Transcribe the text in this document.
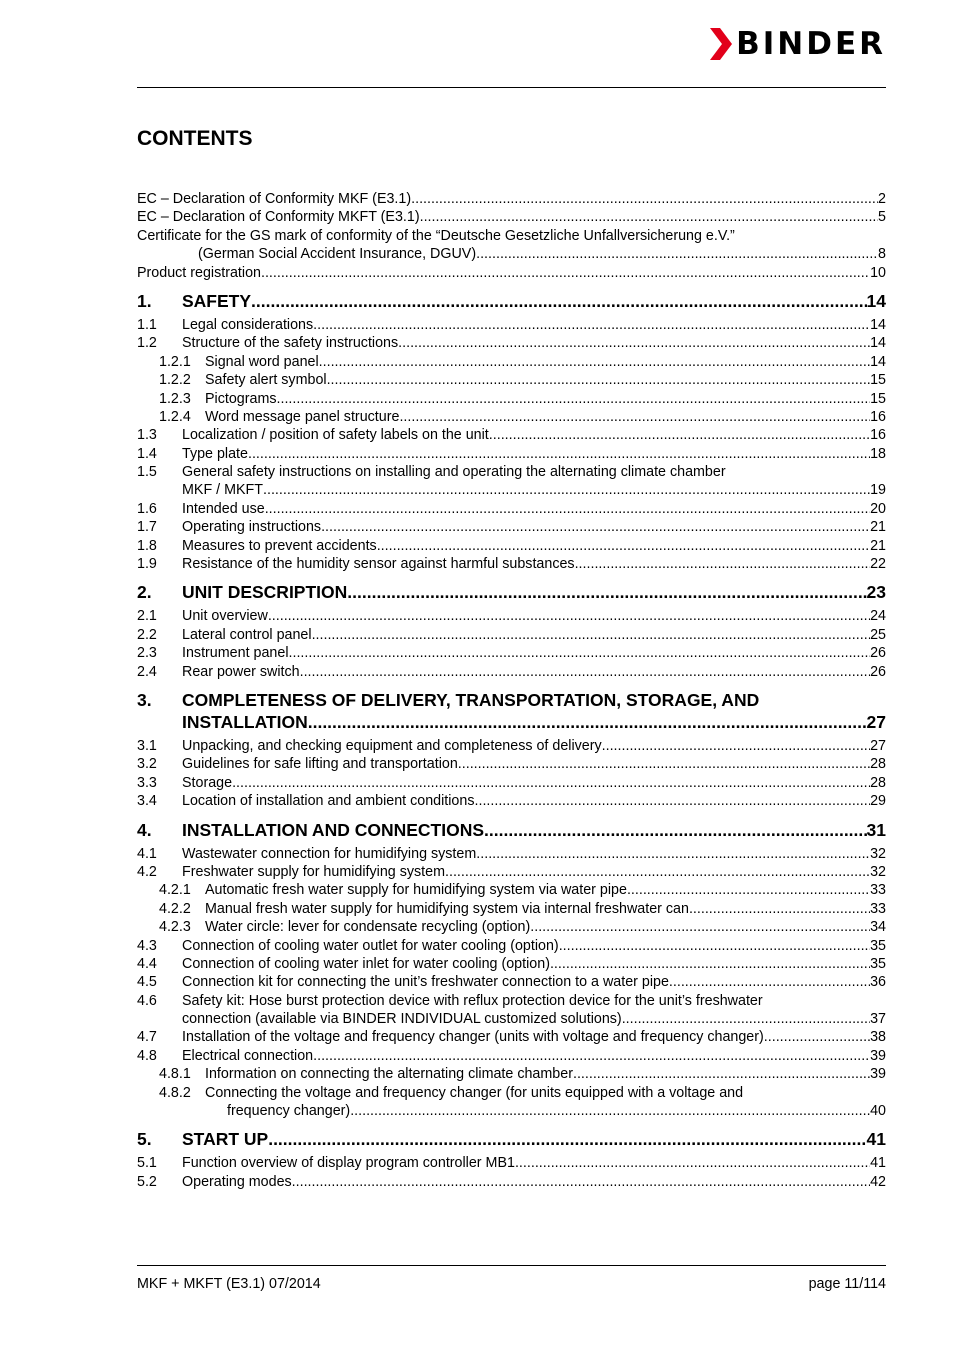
BINDER
CONTENTS
EC – Declaration of Conformity MKF (E3.1) .....	2
EC – Declaration of Conformity MKFT (E3.1) .....	5
Certificate for the GS mark of conformity of the “Deutsche Gesetzliche Unfallversicherung e.V.”
(German Social Accident Insurance, DGUV) .....	8
Product registration .....	10
1.	SAFETY .....	14
1.1	Legal considerations .....	14
1.2	Structure of the safety instructions .....	14
1.2.1 Signal word panel .....	14
1.2.2 Safety alert symbol .....	15
1.2.3 Pictograms .....	15
1.2.4 Word message panel structure .....	16
1.3	Localization / position of safety labels on the unit .....	16
1.4	Type plate .....	18
1.5	General safety instructions on installing and operating the alternating climate chamber
MKF / MKFT .....	19
1.6	Intended use .....	20
1.7	Operating instructions .....	21
1.8	Measures to prevent accidents .....	21
1.9	Resistance of the humidity sensor against harmful substances .....	22
2.	UNIT DESCRIPTION .....	23
2.1	Unit overview .....	24
2.2	Lateral control panel .....	25
2.3	Instrument panel .....	26
2.4	Rear power switch .....	26
3.	COMPLETENESS OF DELIVERY, TRANSPORTATION, STORAGE, AND
INSTALLATION .....	27
3.1	Unpacking, and checking equipment and completeness of delivery .....	27
3.2	Guidelines for safe lifting and transportation .....	28
3.3	Storage .....	28
3.4	Location of installation and ambient conditions .....	29
4.	INSTALLATION AND CONNECTIONS .....	31
4.1	Wastewater connection for humidifying system .....	32
4.2	Freshwater supply for humidifying system .....	32
4.2.1 Automatic fresh water supply for humidifying system via water pipe .....	33
4.2.2 Manual fresh water supply for humidifying system via internal freshwater can .....	33
4.2.3 Water circle: lever for condensate recycling (option) .....	34
4.3	Connection of cooling water outlet for water cooling (option) .....	35
4.4	Connection of cooling water inlet for water cooling (option) .....	35
4.5	Connection kit for connecting the unit’s freshwater connection to a water pipe .....	36
4.6	Safety kit: Hose burst protection device with reflux protection device for the unit’s freshwater
connection (available via BINDER INDIVIDUAL customized solutions) .....	37
4.7	Installation of the voltage and frequency changer (units with voltage and frequency changer) .....	38
4.8	Electrical connection .....	39
4.8.1 Information on connecting the alternating climate chamber .....	39
4.8.2 Connecting the voltage and frequency changer (for units equipped with a voltage and
frequency changer) .....	40
5.	START UP .....	41
5.1	Function overview of display program controller MB1 .....	41
5.2	Operating modes .....	42
MKF + MKFT (E3.1) 07/2014	page 11/114
